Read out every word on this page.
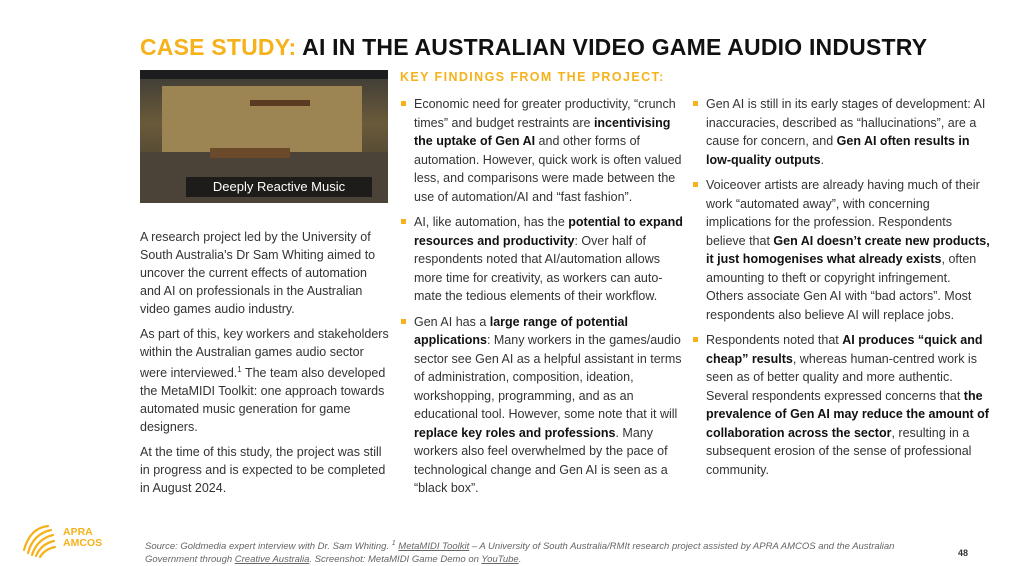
CASE STUDY: AI IN THE AUSTRALIAN VIDEO GAME AUDIO INDUSTRY
Deeply Reactive Music

A research project led by the University of South Australia's Dr Sam Whiting aimed to uncover the current effects of automation and AI on professionals in the Australian video games audio industry.

As part of this, key workers and stakeholders within the Australian games audio sector were interviewed.$^1$ The team also developed the MetaMIDI Toolkit: one approach towards automated music generation for game designers.

At the time of this study, the project was still in progress and is expected to be completed in August 2024.

KEY FINDINGS FROM THE PROJECT:
Economic need for greater productivity, “crunch times” and budget restraints are incentivising the uptake of Gen AI and other forms of automation. However, quick work is often valued less, and comparisons were made between the use of automation/AI and “fast fashion”.
AI, like automation, has the potential to expand resources and productivity: Over half of respondents noted that AI/automation allows more time for creativity, as workers can auto-mate the tedious elements of their workflow.
Gen AI has a large range of potential applications: Many workers in the games/audio sector see Gen AI as a helpful assistant in terms of administration, composition, ideation, workshopping, programming, and as an educational tool. However, some note that it will replace key roles and professions. Many workers also feel overwhelmed by the pace of technological change and Gen AI is seen as a “black box”.
Gen AI is still in its early stages of development: AI inaccuracies, described as “hallucinations”, are a cause for concern, and Gen AI often results in low-quality outputs.
Voiceover artists are already having much of their work “automated away”, with concerning implications for the profession. Respondents believe that Gen AI doesn’t create new products, it just homogenises what already exists, often amounting to theft or copyright infringement. Others associate Gen AI with “bad actors”. Most respondents also believe AI will replace jobs.
Respondents noted that AI produces “quick and cheap” results, whereas human-centred work is seen as of better quality and more authentic. Several respondents expressed concerns that the prevalence of Gen AI may reduce the amount of collaboration across the sector, resulting in a subsequent erosion of the sense of professional community.
APRA
AMCOS	Source: Goldmedia expert interview with Dr. Sam Whiting. $^1$ MetaMIDI Toolkit – A University of South Australia/RMIt research project assisted by APRA AMCOS and the Australian Government through Creative Australia. Screenshot: MetaMIDI Game Demo on YouTube.
48
